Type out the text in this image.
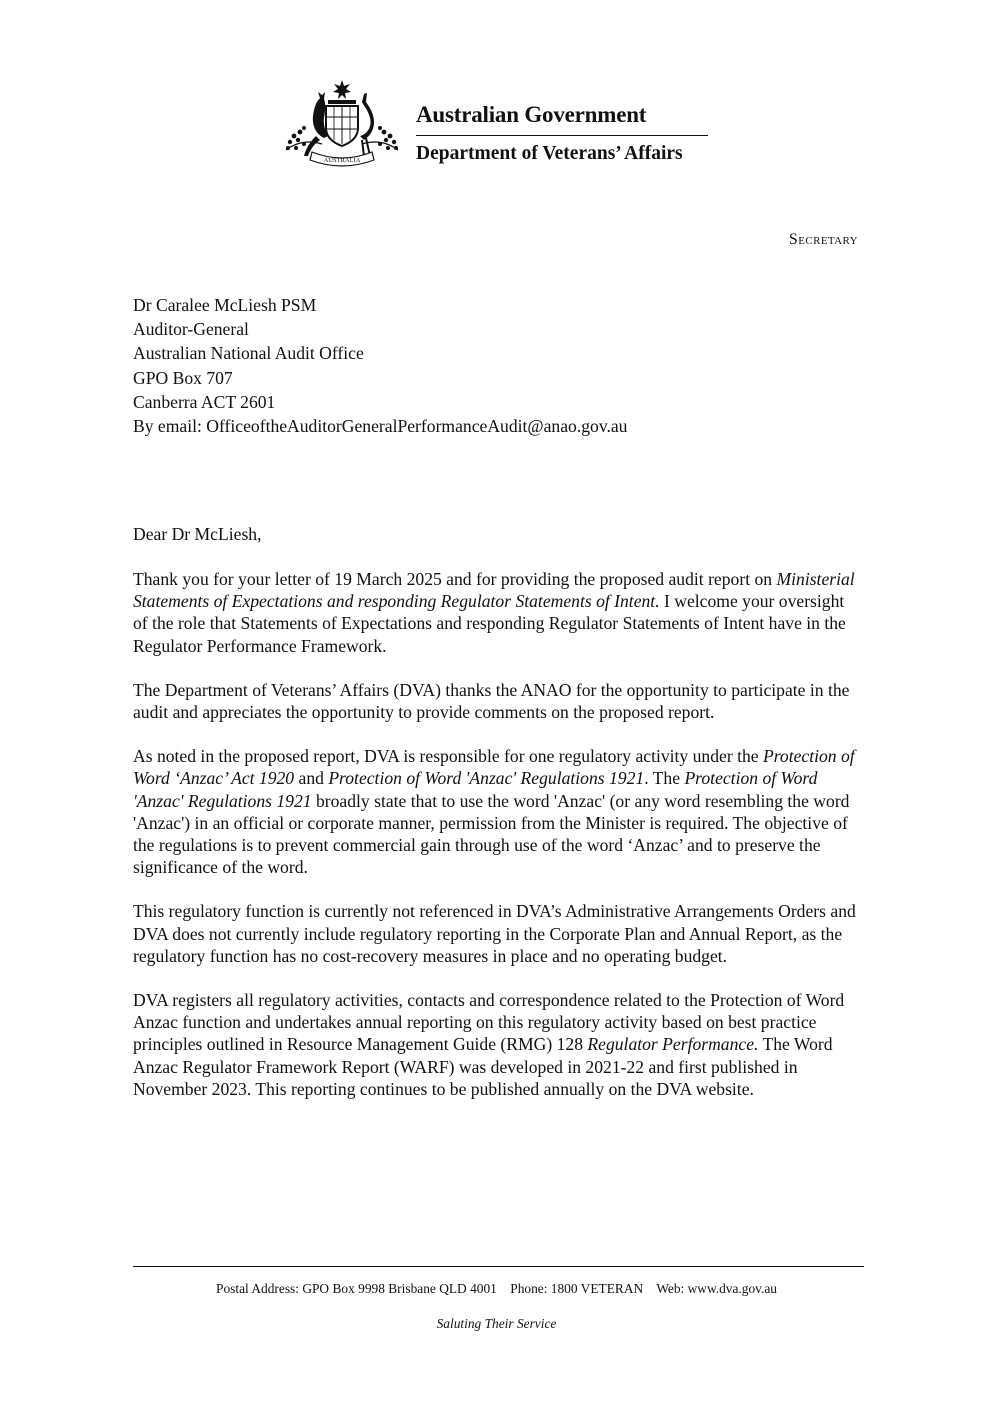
AUSTRALIA
Australian Government
Department of Veterans’ Affairs
Secretary
Dr Caralee McLiesh PSM
Auditor-General
Australian National Audit Office
GPO Box 707
Canberra ACT 2601
By email: OfficeoftheAuditorGeneralPerformanceAudit@anao.gov.au
Dear Dr McLiesh,

Thank you for your letter of 19 March 2025 and for providing the proposed audit report on Ministerial Statements of Expectations and responding Regulator Statements of Intent. I welcome your oversight of the role that Statements of Expectations and responding Regulator Statements of Intent have in the Regulator Performance Framework.

The Department of Veterans’ Affairs (DVA) thanks the ANAO for the opportunity to participate in the audit and appreciates the opportunity to provide comments on the proposed report.

As noted in the proposed report, DVA is responsible for one regulatory activity under the Protection of Word ‘Anzac’ Act 1920 and Protection of Word 'Anzac' Regulations 1921. The Protection of Word 'Anzac' Regulations 1921 broadly state that to use the word 'Anzac' (or any word resembling the word 'Anzac') in an official or corporate manner, permission from the Minister is required. The objective of the regulations is to prevent commercial gain through use of the word ‘Anzac’ and to preserve the significance of the word.

This regulatory function is currently not referenced in DVA’s Administrative Arrangements Orders and DVA does not currently include regulatory reporting in the Corporate Plan and Annual Report, as the regulatory function has no cost-recovery measures in place and no operating budget.

DVA registers all regulatory activities, contacts and correspondence related to the Protection of Word Anzac function and undertakes annual reporting on this regulatory activity based on best practice principles outlined in Resource Management Guide (RMG) 128 Regulator Performance. The Word Anzac Regulator Framework Report (WARF) was developed in 2021-22 and first published in November 2023. This reporting continues to be published annually on the DVA website.

Postal Address: GPO Box 9998 Brisbane QLD 4001 Phone: 1800 VETERAN Web: www.dva.gov.au
Saluting Their Service
